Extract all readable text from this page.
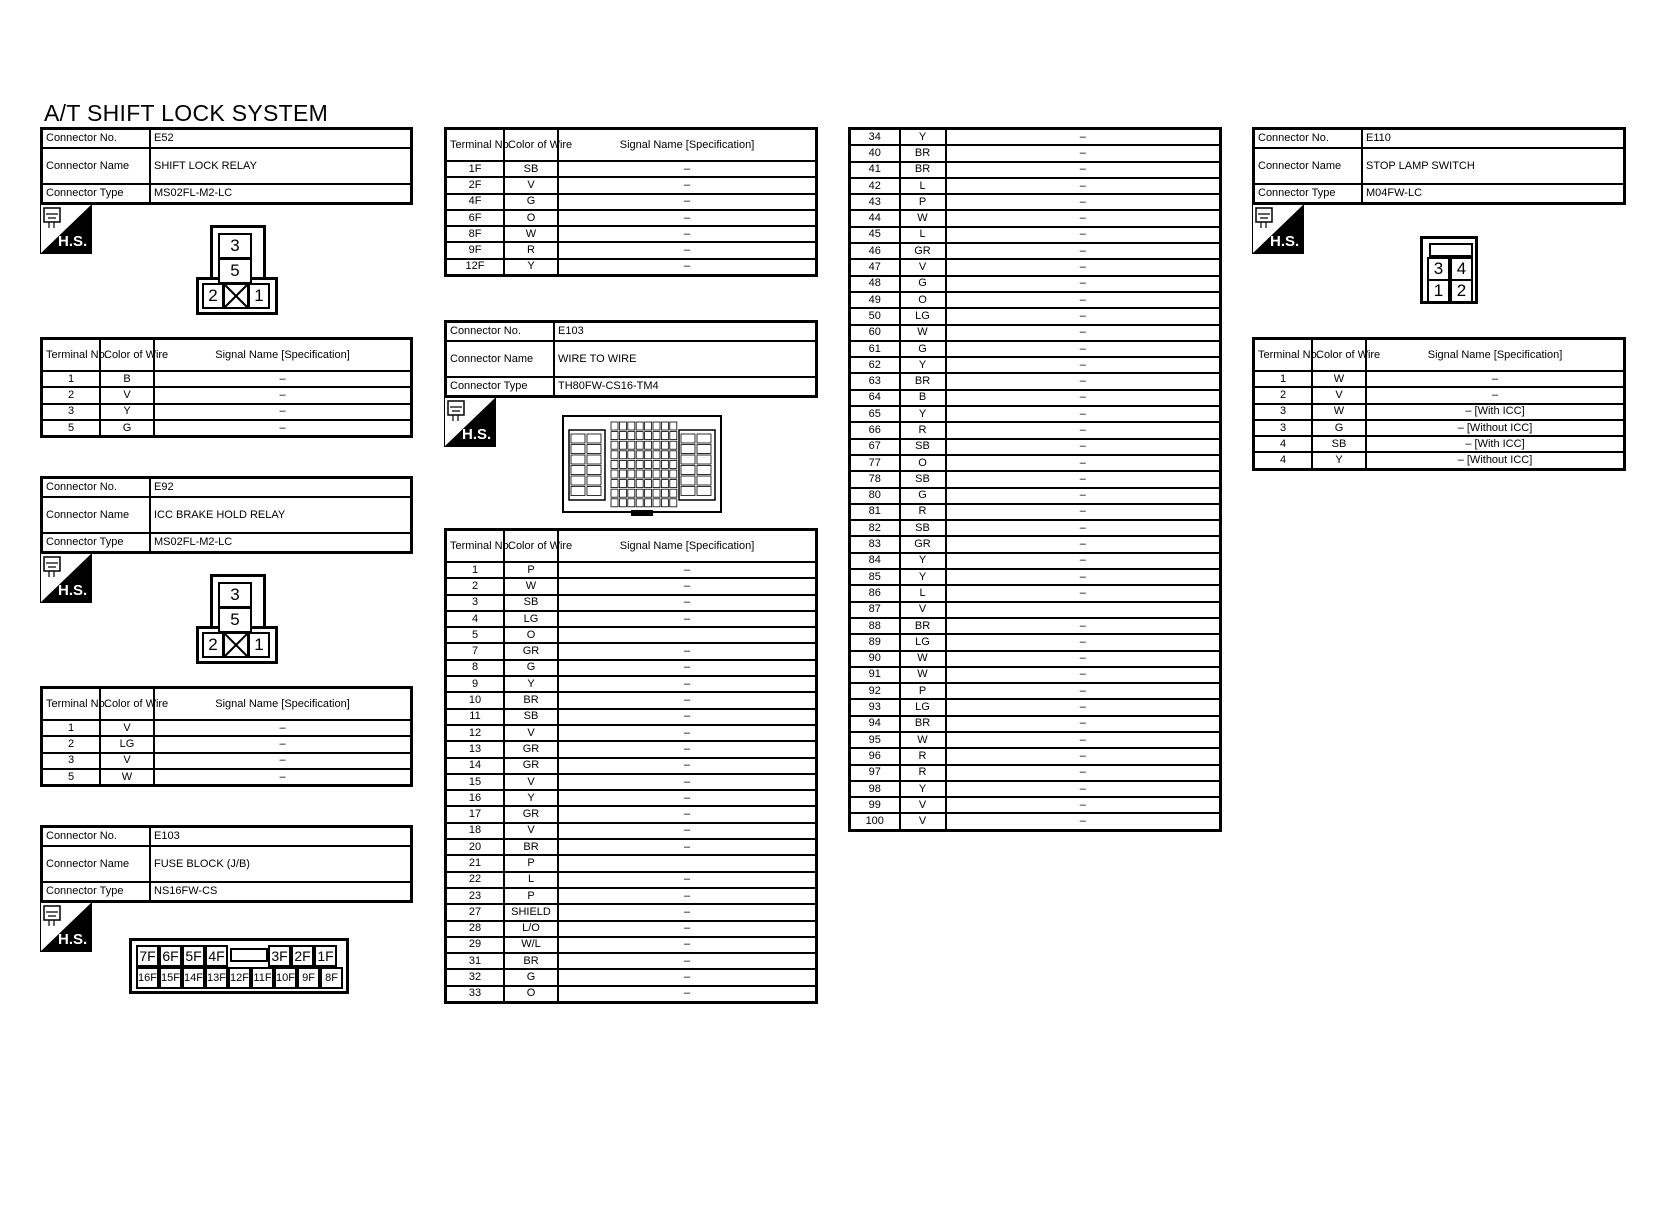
A/T SHIFT LOCK SYSTEM
Connector No.	E52
Connector Name	SHIFT LOCK RELAY
Connector Type	MS02FL-M2-LC
H.S.	3
5
2	1
Terminal No.	Color of Wire	Signal Name [Specification]
1	B	–
2	V	–
3	Y	–
5	G	–
Connector No.	E92
Connector Name	ICC BRAKE HOLD RELAY
Connector Type	MS02FL-M2-LC
H.S.	3
5
2	1
Terminal No.	Color of Wire	Signal Name [Specification]
1	V	–
2	LG	–
3	V	–
5	W	–
Connector No.	E103
Connector Name	FUSE BLOCK (J/B)
Connector Type	NS16FW-CS
H.S.
7F 6F 5F 4F	3F 2F 1F
16F 15F 14F 13F 12F 11F 10F 9F 8F
Terminal No.	Color of Wire	Signal Name [Specification]
1F	SB	–
2F	V	–
4F	G	–
6F	O	–
8F	W	–
9F	R	–
12F	Y	–
Connector No.	E103
Connector Name	WIRE TO WIRE
Connector Type	TH80FW-CS16-TM4
H.S.
Terminal No.	Color of Wire	Signal Name [Specification]
1	P	–
2	W	–
3	SB	–
4	LG	–
5	O	
7	GR	–
8	G	–
9	Y	–
10	BR	–
11	SB	–
12	V	–
13	GR	–
14	GR	–
15	V	–
16	Y	–
17	GR	–
18	V	–
20	BR	–
21	P	
22	L	–
23	P	–
27	SHIELD	–
28	L/O	–
29	W/L	–
31	BR	–
32	G	–
33	O	–
34	Y	–
40	BR	–
41	BR	–
42	L	–
43	P	–
44	W	–
45	L	–
46	GR	–
47	V	–
48	G	–
49	O	–
50	LG	–
60	W	–
61	G	–
62	Y	–
63	BR	–
64	B	–
65	Y	–
66	R	–
67	SB	–
77	O	–
78	SB	–
80	G	–
81	R	–
82	SB	–
83	GR	–
84	Y	–
85	Y	–
86	L	–
87	V	
88	BR	–
89	LG	–
90	W	–
91	W	–
92	P	–
93	LG	–
94	BR	–
95	W	–
96	R	–
97	R	–
98	Y	–
99	V	–
100	V	–
Connector No.	E110
Connector Name	STOP LAMP SWITCH
Connector Type	M04FW-LC
H.S.
3 4
1 2
Terminal No.	Color of Wire	Signal Name [Specification]
1	W	–
2	V	–
3	W	– [With ICC]
3	G	– [Without ICC]
4	SB	– [With ICC]
4	Y	– [Without ICC]
